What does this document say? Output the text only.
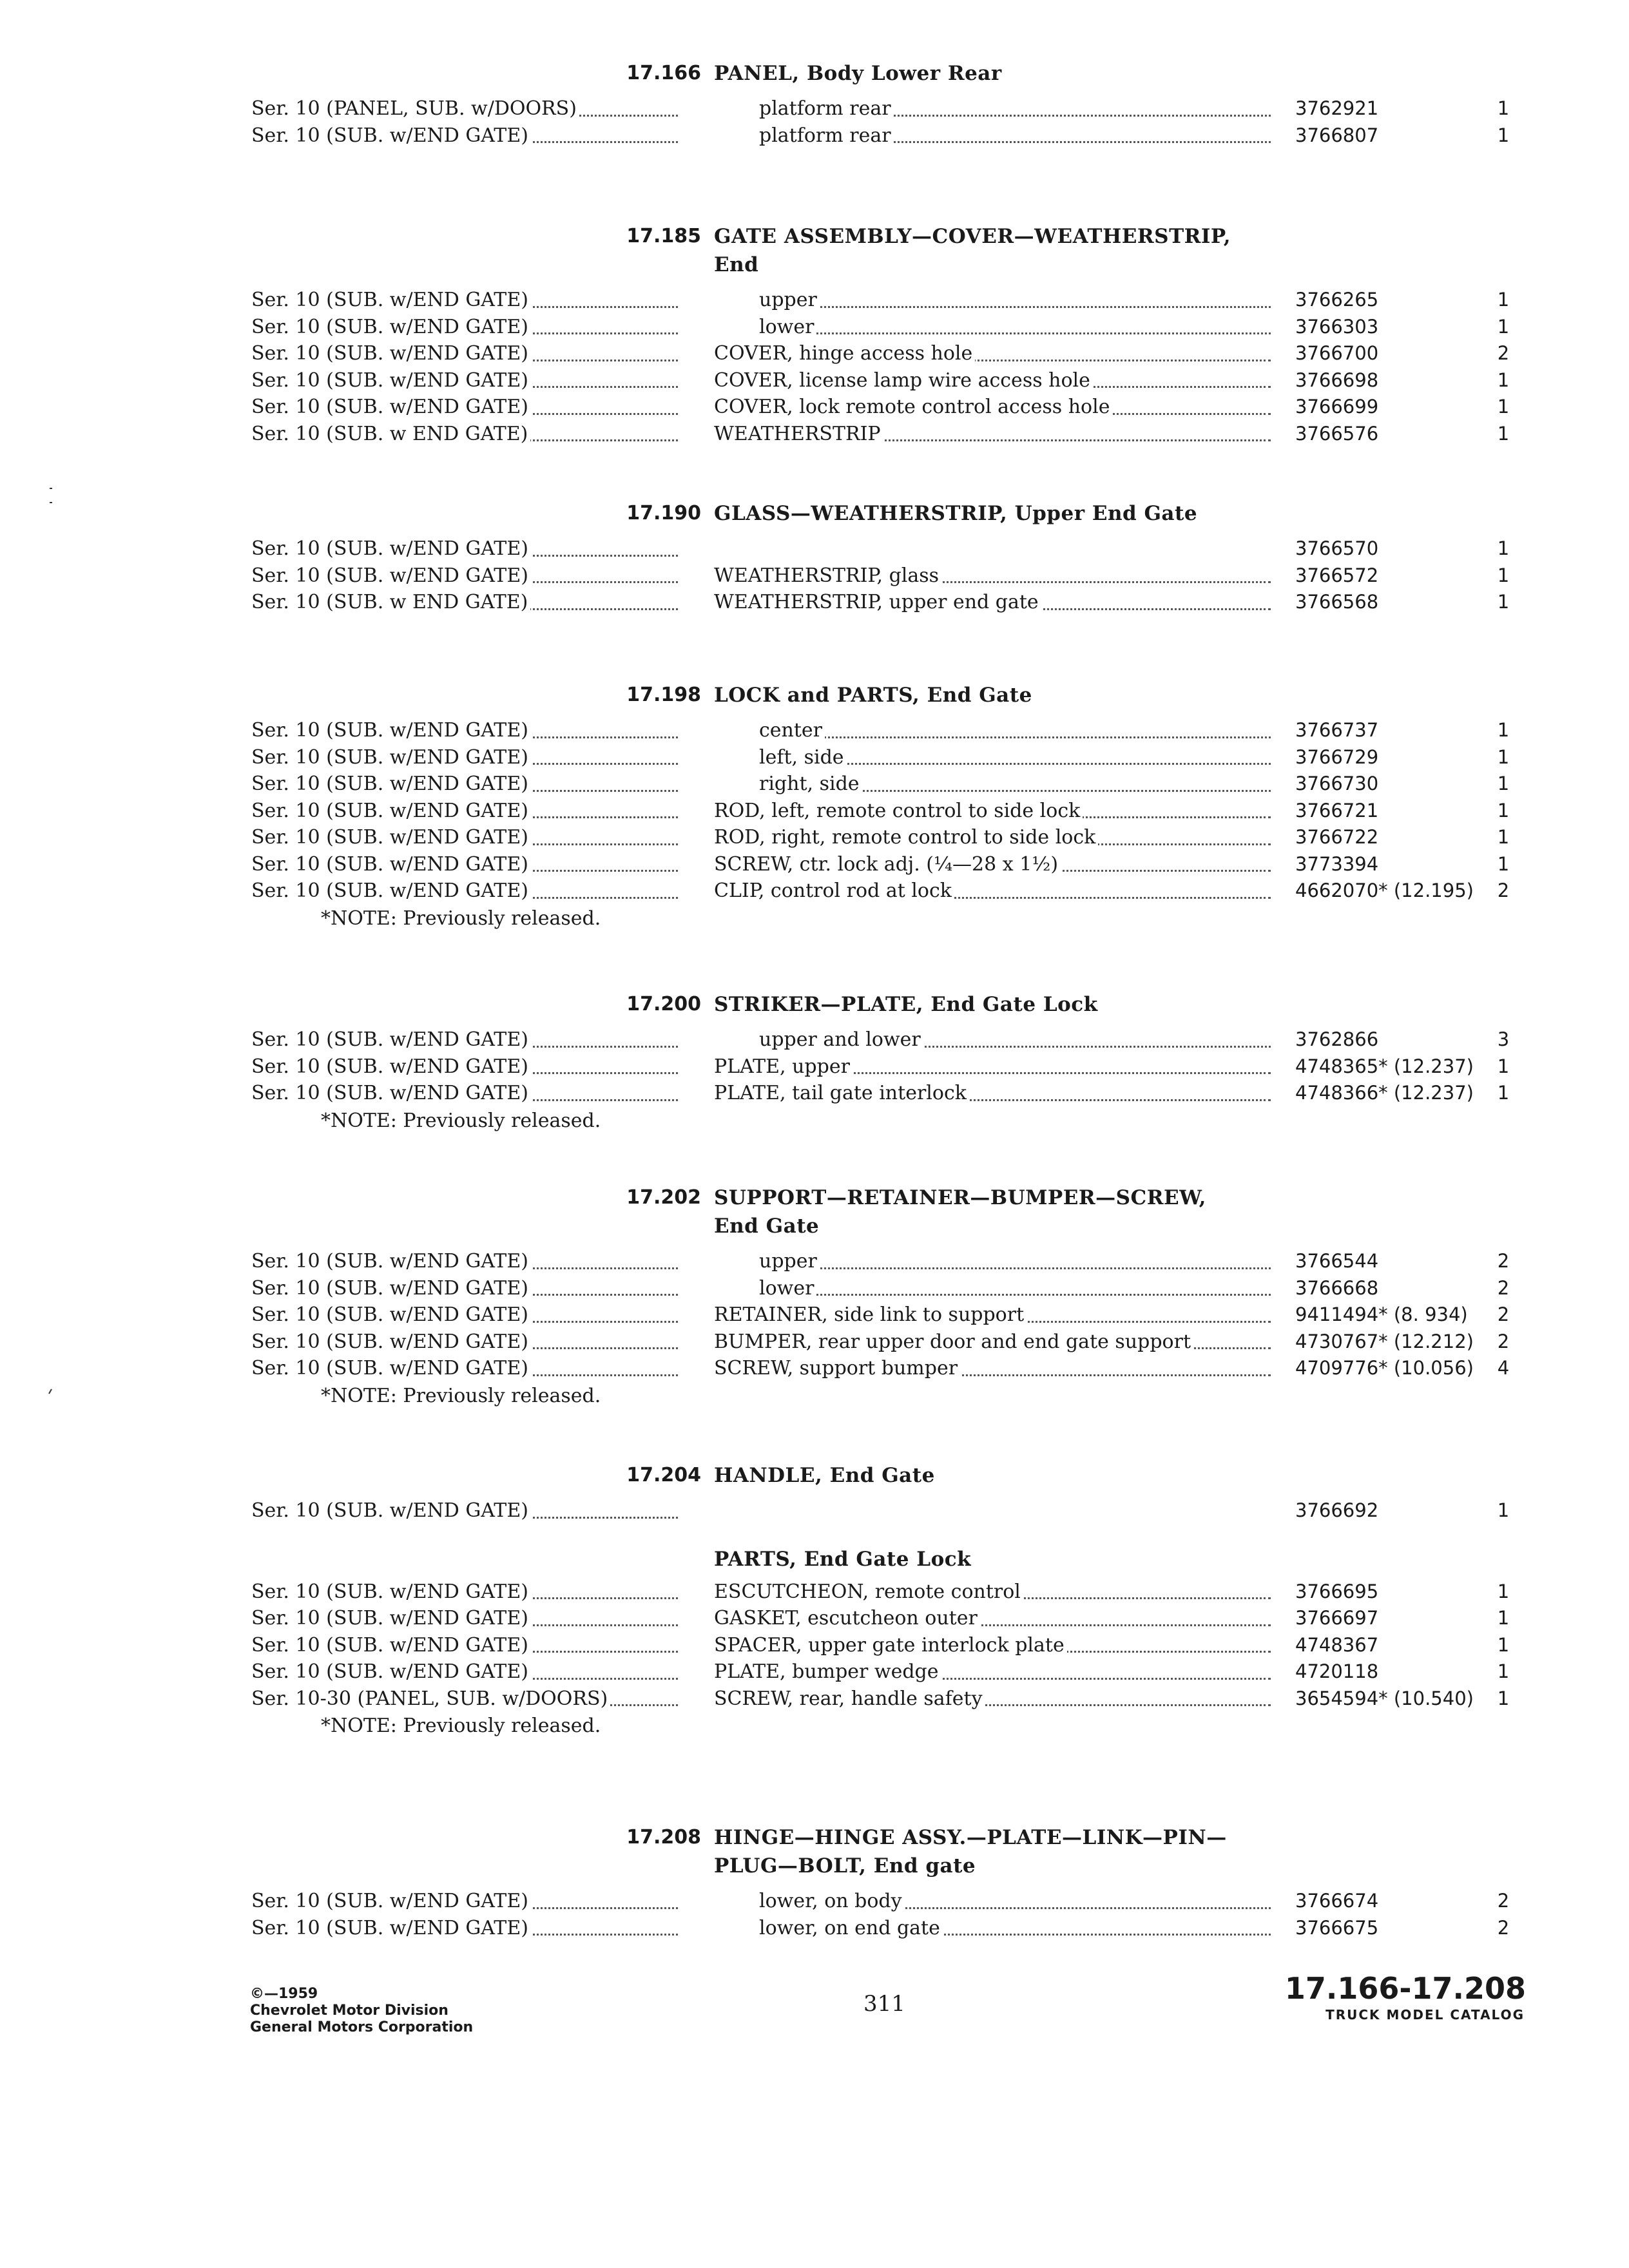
17.166 PANEL, Body Lower Rear
Ser. 10 (PANEL, SUB. w/DOORS)	platform rear	3762921	1
Ser. 10 (SUB. w/END GATE)	platform rear	3766807	1
17.185 GATE ASSEMBLY—COVER—WEATHERSTRIP,
End
Ser. 10 (SUB. w/END GATE)	upper	3766265	1
Ser. 10 (SUB. w/END GATE)	lower	3766303	1
Ser. 10 (SUB. w/END GATE)	COVER, hinge access hole	3766700	2
Ser. 10 (SUB. w/END GATE)	COVER, license lamp wire access hole	3766698	1
Ser. 10 (SUB. w/END GATE)	COVER, lock remote control access hole	3766699	1
Ser. 10 (SUB. w END GATE)	WEATHERSTRIP	3766576	1
17.190 GLASS—WEATHERSTRIP, Upper End Gate
Ser. 10 (SUB. w/END GATE)	3766570	1
Ser. 10 (SUB. w/END GATE)	WEATHERSTRIP, glass	3766572	1
Ser. 10 (SUB. w END GATE)	WEATHERSTRIP, upper end gate	3766568	1
17.198 LOCK and PARTS, End Gate
Ser. 10 (SUB. w/END GATE)	center	3766737	1
Ser. 10 (SUB. w/END GATE)	left, side	3766729	1
Ser. 10 (SUB. w/END GATE)	right, side	3766730	1
Ser. 10 (SUB. w/END GATE)	ROD, left, remote control to side lock	3766721	1
Ser. 10 (SUB. w/END GATE)	ROD, right, remote control to side lock	3766722	1
Ser. 10 (SUB. w/END GATE)	SCREW, ctr. lock adj. (¼—28 x 1½)	3773394	1
Ser. 10 (SUB. w/END GATE)	CLIP, control rod at lock	4662070* (12.195) 2
*NOTE: Previously released.
17.200 STRIKER—PLATE, End Gate Lock
Ser. 10 (SUB. w/END GATE)	upper and lower	3762866	3
Ser. 10 (SUB. w/END GATE)	PLATE, upper	4748365* (12.237) 1
Ser. 10 (SUB. w/END GATE)	PLATE, tail gate interlock	4748366* (12.237) 1
*NOTE: Previously released.
17.202 SUPPORT—RETAINER—BUMPER—SCREW,
End Gate
Ser. 10 (SUB. w/END GATE)	upper	3766544	2
Ser. 10 (SUB. w/END GATE)	lower	3766668	2
Ser. 10 (SUB. w/END GATE)	RETAINER, side link to support	9411494* (8. 934) 2
Ser. 10 (SUB. w/END GATE)	BUMPER, rear upper door and end gate support	4730767* (12.212) 2
Ser. 10 (SUB. w/END GATE)	SCREW, support bumper	4709776* (10.056) 4
*NOTE: Previously released.
17.204 HANDLE, End Gate
Ser. 10 (SUB. w/END GATE)	3766692	1
PARTS, End Gate Lock
Ser. 10 (SUB. w/END GATE)	ESCUTCHEON, remote control	3766695	1
Ser. 10 (SUB. w/END GATE)	GASKET, escutcheon outer	3766697	1
Ser. 10 (SUB. w/END GATE)	SPACER, upper gate interlock plate	4748367	1
Ser. 10 (SUB. w/END GATE)	PLATE, bumper wedge	4720118	1
Ser. 10-30 (PANEL, SUB. w/DOORS)	SCREW, rear, handle safety	3654594* (10.540) 1
*NOTE: Previously released.
17.208 HINGE—HINGE ASSY.—PLATE—LINK—PIN—
PLUG—BOLT, End gate
Ser. 10 (SUB. w/END GATE)	lower, on body	3766674	2
Ser. 10 (SUB. w/END GATE)	lower, on end gate	3766675	2
©—1959
Chevrolet Motor Division
General Motors Corporation
311	17.166-17.208
TRUCK MODEL CATALOG
